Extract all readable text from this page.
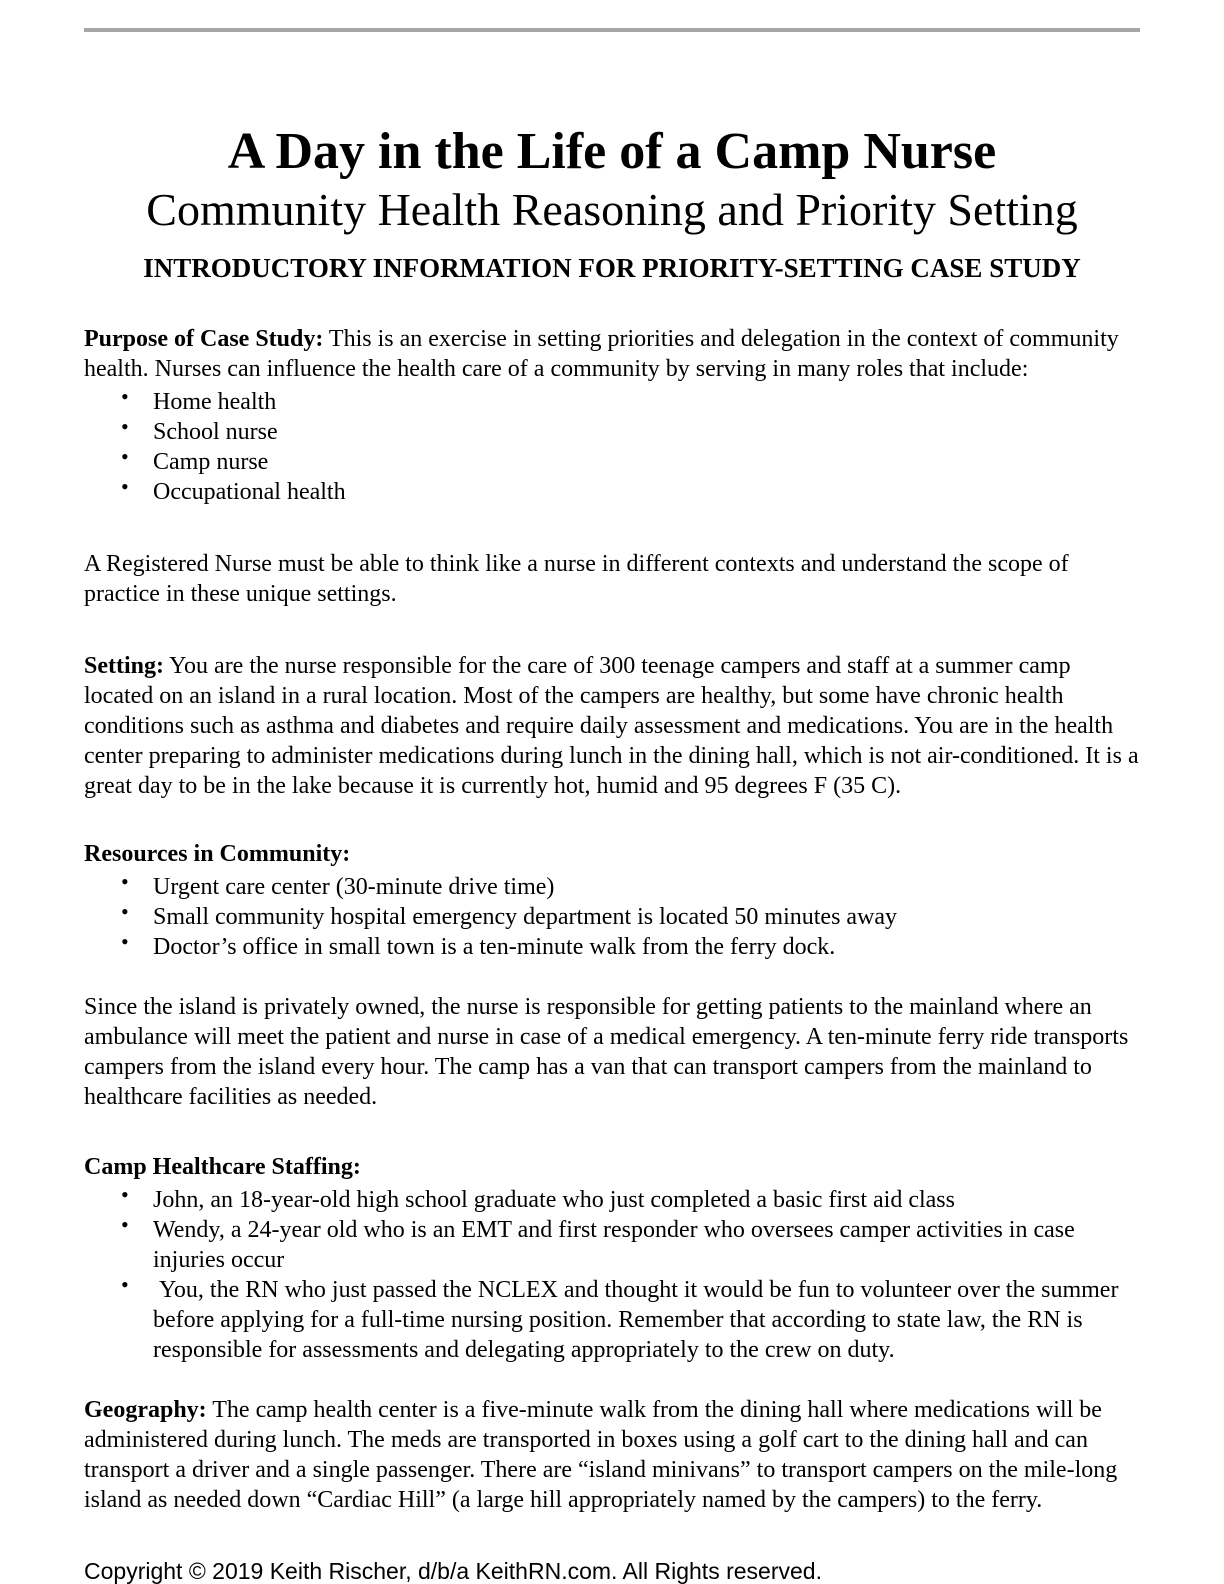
A Day in the Life of a Camp Nurse
Community Health Reasoning and Priority Setting
INTRODUCTORY INFORMATION FOR PRIORITY-SETTING CASE STUDY

Purpose of Case Study: This is an exercise in setting priorities and delegation in the context of community health. Nurses can influence the health care of a community by serving in many roles that include:

•
Home health
•
School nurse
•
Camp nurse
•
Occupational health

A Registered Nurse must be able to think like a nurse in different contexts and understand the scope of practice in these unique settings.

Setting: You are the nurse responsible for the care of 300 teenage campers and staff at a summer camp located on an island in a rural location. Most of the campers are healthy, but some have chronic health conditions such as asthma and diabetes and require daily assessment and medications. You are in the health center preparing to administer medications during lunch in the dining hall, which is not air-conditioned. It is a great day to be in the lake because it is currently hot, humid and 95 degrees F (35 C).

Resources in Community:
•
Urgent care center (30-minute drive time)
•
Small community hospital emergency department is located 50 minutes away
•
Doctor’s office in small town is a ten-minute walk from the ferry dock.

Since the island is privately owned, the nurse is responsible for getting patients to the mainland where an ambulance will meet the patient and nurse in case of a medical emergency. A ten-minute ferry ride transports campers from the island every hour. The camp has a van that can transport campers from the mainland to healthcare facilities as needed.

Camp Healthcare Staffing:
•
John, an 18-year-old high school graduate who just completed a basic first aid class
•
Wendy, a 24-year old who is an EMT and first responder who oversees camper activities in case injuries occur
•
You, the RN who just passed the NCLEX and thought it would be fun to volunteer over the summer before applying for a full-time nursing position. Remember that according to state law, the RN is responsible for assessments and delegating appropriately to the crew on duty.

Geography: The camp health center is a five-minute walk from the dining hall where medications will be administered during lunch. The meds are transported in boxes using a golf cart to the dining hall and can transport a driver and a single passenger. There are “island minivans” to transport campers on the mile-long island as needed down “Cardiac Hill” (a large hill appropriately named by the campers) to the ferry.

Copyright © 2019 Keith Rischer, d/b/a KeithRN.com. All Rights reserved.
